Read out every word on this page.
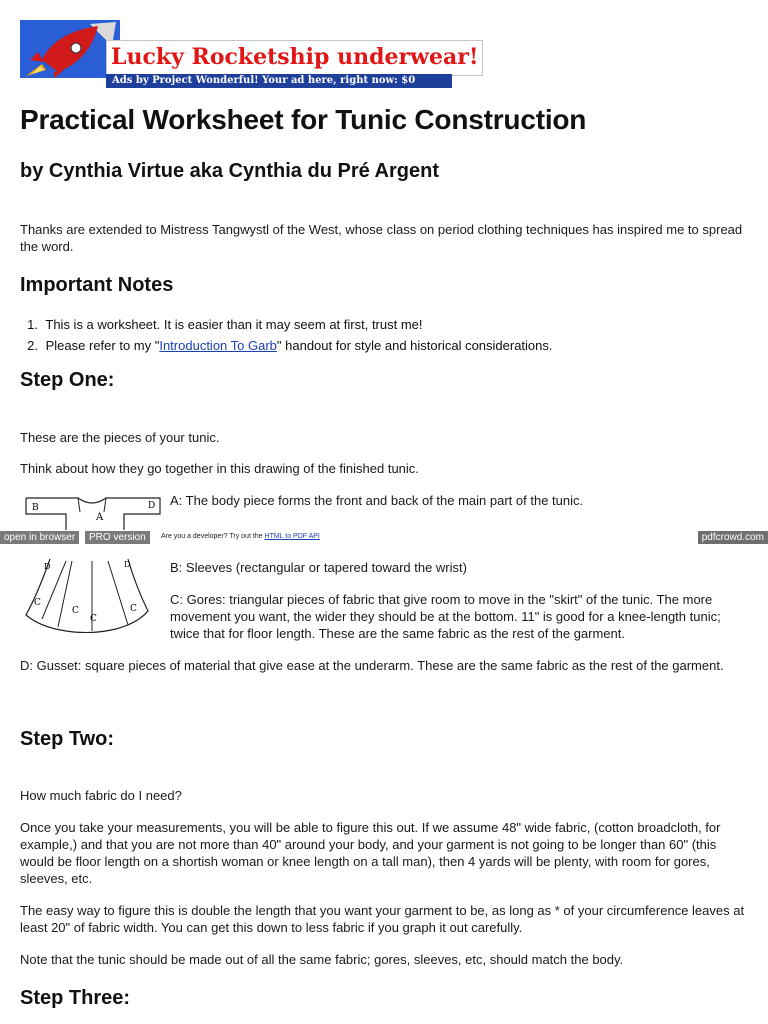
Lucky Rocketship underwear!
Ads by Project Wonderful! Your ad here, right now: $0
Practical Worksheet for Tunic Construction
by Cynthia Virtue aka Cynthia du Pré Argent

Thanks are extended to Mistress Tangwystl of the West, whose class on period clothing techniques has inspired me to spread the word.

Important Notes
1. This is a worksheet. It is easier than it may seem at first, trust me!
2. Please refer to my "Introduction To Garb" handout for style and historical considerations.
Step One:

These are the pieces of your tunic.

Think about how they go together in this drawing of the finished tunic.

B	D
A

A: The body piece forms the front and back of the main part of the tunic.

open in browser	PRO version	Are you a developer? Try out the HTML to PDF API	pdfcrowd.com
D	D
C
C
C
C

B: Sleeves (rectangular or tapered toward the wrist)

C: Gores: triangular pieces of fabric that give room to move in the "skirt" of the tunic. The more movement you want, the wider they should be at the bottom. 11" is good for a knee-length tunic; twice that for floor length. These are the same fabric as the rest of the garment.

D: Gusset: square pieces of material that give ease at the underarm. These are the same fabric as the rest of the garment.

Step Two:

How much fabric do I need?

Once you take your measurements, you will be able to figure this out. If we assume 48" wide fabric, (cotton broadcloth, for example,) and that you are not more than 40" around your body, and your garment is not going to be longer than 60" (this would be floor length on a shortish woman or knee length on a tall man), then 4 yards will be plenty, with room for gores, sleeves, etc.

The easy way to figure this is double the length that you want your garment to be, as long as * of your circumference leaves at least 20" of fabric width. You can get this down to less fabric if you graph it out carefully.

Note that the tunic should be made out of all the same fabric; gores, sleeves, etc, should match the body.

Step Three:
